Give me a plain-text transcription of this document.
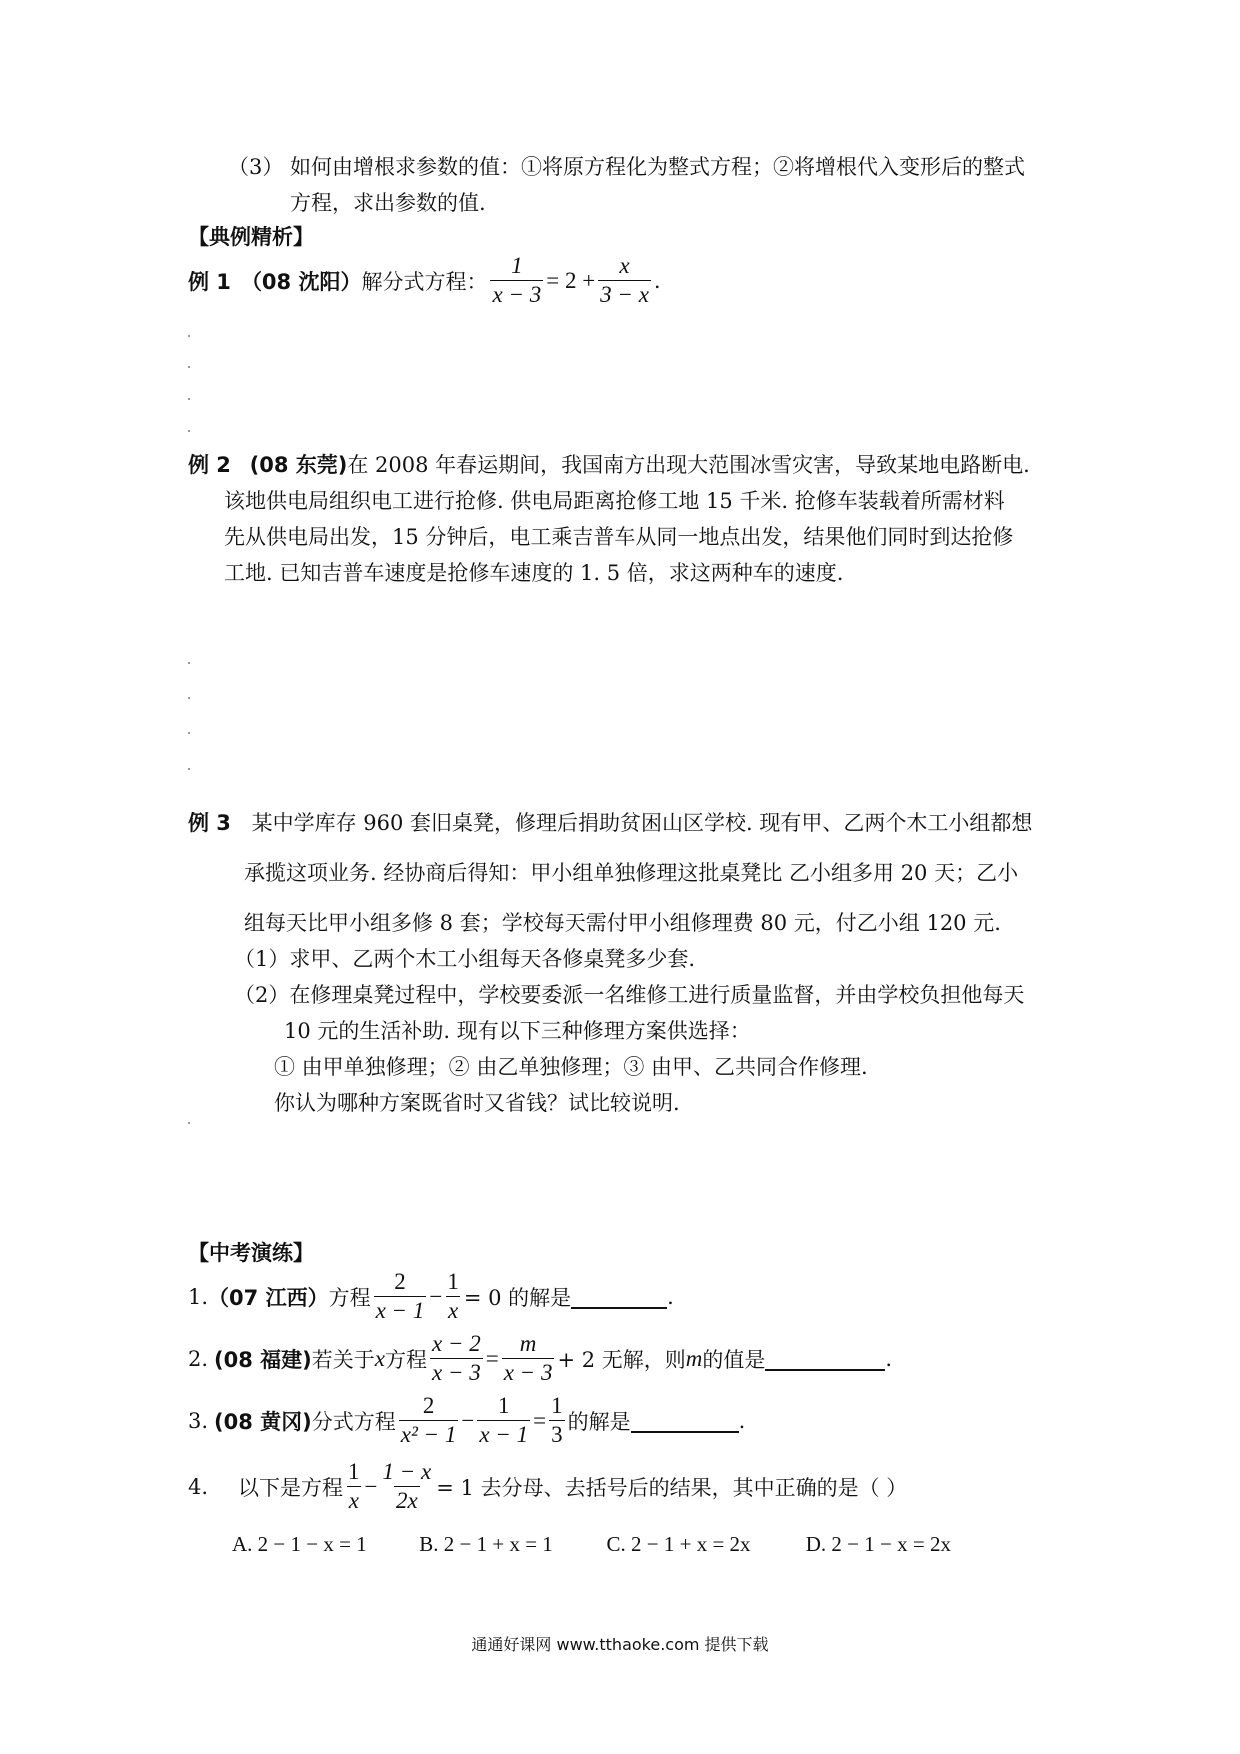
（3） 如何由增根求参数的值：①将原方程化为整式方程；②将增根代入变形后的整式
方程，求出参数的值.
【典例精析】
例 1 （08 沈阳） 解分式方程： $\frac{1}{x - 3} = 2 + \frac{x}{3 - x}$ .
例 2 (08 东莞)在 2008 年春运期间，我国南方出现大范围冰雪灾害，导致某地电路断电.
该地供电局组织电工进行抢修. 供电局距离抢修工地 15 千米. 抢修车装载着所需材料
先从供电局出发，15 分钟后，电工乘吉普车从同一地点出发，结果他们同时到达抢修
工地. 已知吉普车速度是抢修车速度的 1. 5 倍，求这两种车的速度.
例 3 某中学库存 960 套旧桌凳，修理后捐助贫困山区学校. 现有甲、乙两个木工小组都想
承揽这项业务. 经协商后得知：甲小组单独修理这批桌凳比 乙小组多用 20 天；乙小
组每天比甲小组多修 8 套；学校每天需付甲小组修理费 80 元，付乙小组 120 元.
（1）求甲、乙两个木工小组每天各修桌凳多少套.
（2）在修理桌凳过程中，学校要委派一名维修工进行质量监督，并由学校负担他每天
10 元的生活补助. 现有以下三种修理方案供选择：
① 由甲单独修理；② 由乙单独修理；③ 由甲、乙共同合作修理.
你认为哪种方案既省时又省钱？试比较说明.
【中考演练】
1. （07 江西） 方程 $\frac{2}{x - 1} - \frac{1}{x} = 0$ 的解是	.
2. (08 福建) 若关于 x 方程 $\frac{x - 2}{x - 3} = \frac{m}{x - 3} + 2$ 无解，则 m 的值是	.
3. (08 黄冈) 分式方程 $\frac{2}{\text{x² − 1}} - \frac{1}{x - 1} = \frac{1}{3}$ 的解是	.
4. 以下是方程 $\frac{1}{x} - \frac{1 - x}{2x} = 1$ 去分母、去括号后的结果，其中正确的是（ ）
A. 2 − 1 − x = 1	B. 2 − 1 + x = 1	C. 2 − 1 + x = 2x	D. 2 − 1 − x = 2x
通通好课网 www.tthaoke.com 提供下载
